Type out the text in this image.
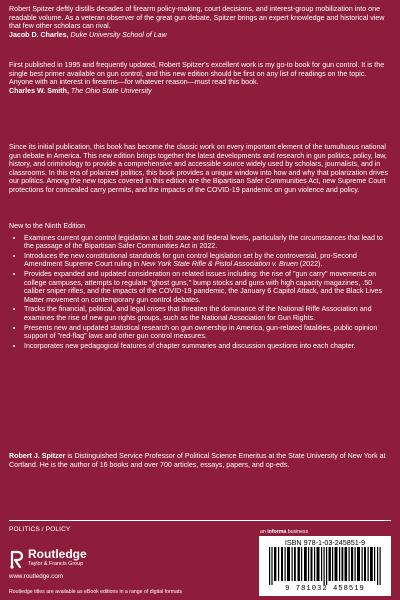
Robert Spitzer deftly distills decades of firearm policy-making, court decisions, and interest-group mobilization into one readable volume. As a veteran observer of the great gun debate, Spitzer brings an expert knowledge and historical view that few other scholars can rival.

Jacob D. Charles, Duke University School of Law

First published in 1995 and frequently updated, Robert Spitzer's excellent work is my go-to book for gun control. It is the single best primer available on gun control, and this new edition should be first on any list of readings on the topic. Anyone with an interest in firearms—for whatever reason—must read this book.

Charles W. Smith, The Ohio State University

Since its initial publication, this book has become the classic work on every important element of the tumultuous national gun debate in America. This new edition brings together the latest developments and research in gun politics, policy, law, history, and criminology to provide a comprehensive and accessible source widely used by scholars, journalists, and in classrooms. In this era of polarized politics, this book provides a unique window into how and why that polarization drives our politics. Among the new topics covered in this edition are the Bipartisan Safer Communities Act, new Supreme Court protections for concealed carry permits, and the impacts of the COVID-19 pandemic on gun violence and policy.

New to the Ninth Edition

• Examines current gun control legislation at both state and federal levels, particularly the circumstances that lead to the passage of the Bipartisan Safer Communities Act in 2022.
• Introduces the new constitutional standards for gun control legislation set by the controversial, pro-Second Amendment Supreme Court ruling in New York State Rifle & Pistol Association v. Bruen (2022).
• Provides expanded and updated consideration on related issues including: the rise of "gun carry" movements on college campuses, attempts to regulate "ghost guns," bump stocks and guns with high capacity magazines, .50 caliber sniper rifles, and the impacts of the COVID-19 pandemic, the January 6 Capitol Attack, and the Black Lives Matter movement on contemporary gun control debates.
• Tracks the financial, political, and legal crises that threaten the dominance of the National Rifle Association and examines the rise of new gun rights groups, such as the National Association for Gun Rights.
• Presents new and updated statistical research on gun ownership in America, gun-related fatalities, public opinion support of "red-flag" laws and other gun control measures.
• Incorporates new pedagogical features of chapter summaries and discussion questions into each chapter.

Robert J. Spitzer is Distinguished Service Professor of Political Science Emeritus at the State University of New York at Cortland. He is the author of 16 books and over 700 articles, essays, papers, and op-eds.

POLITICS / POLICY
Routledge
Taylor & Francis Group
www.routledge.com
Routledge titles are available as eBook editions in a range of digital formats
an informa business
ISBN 978-1-03-245851-9
9 781032 458519
